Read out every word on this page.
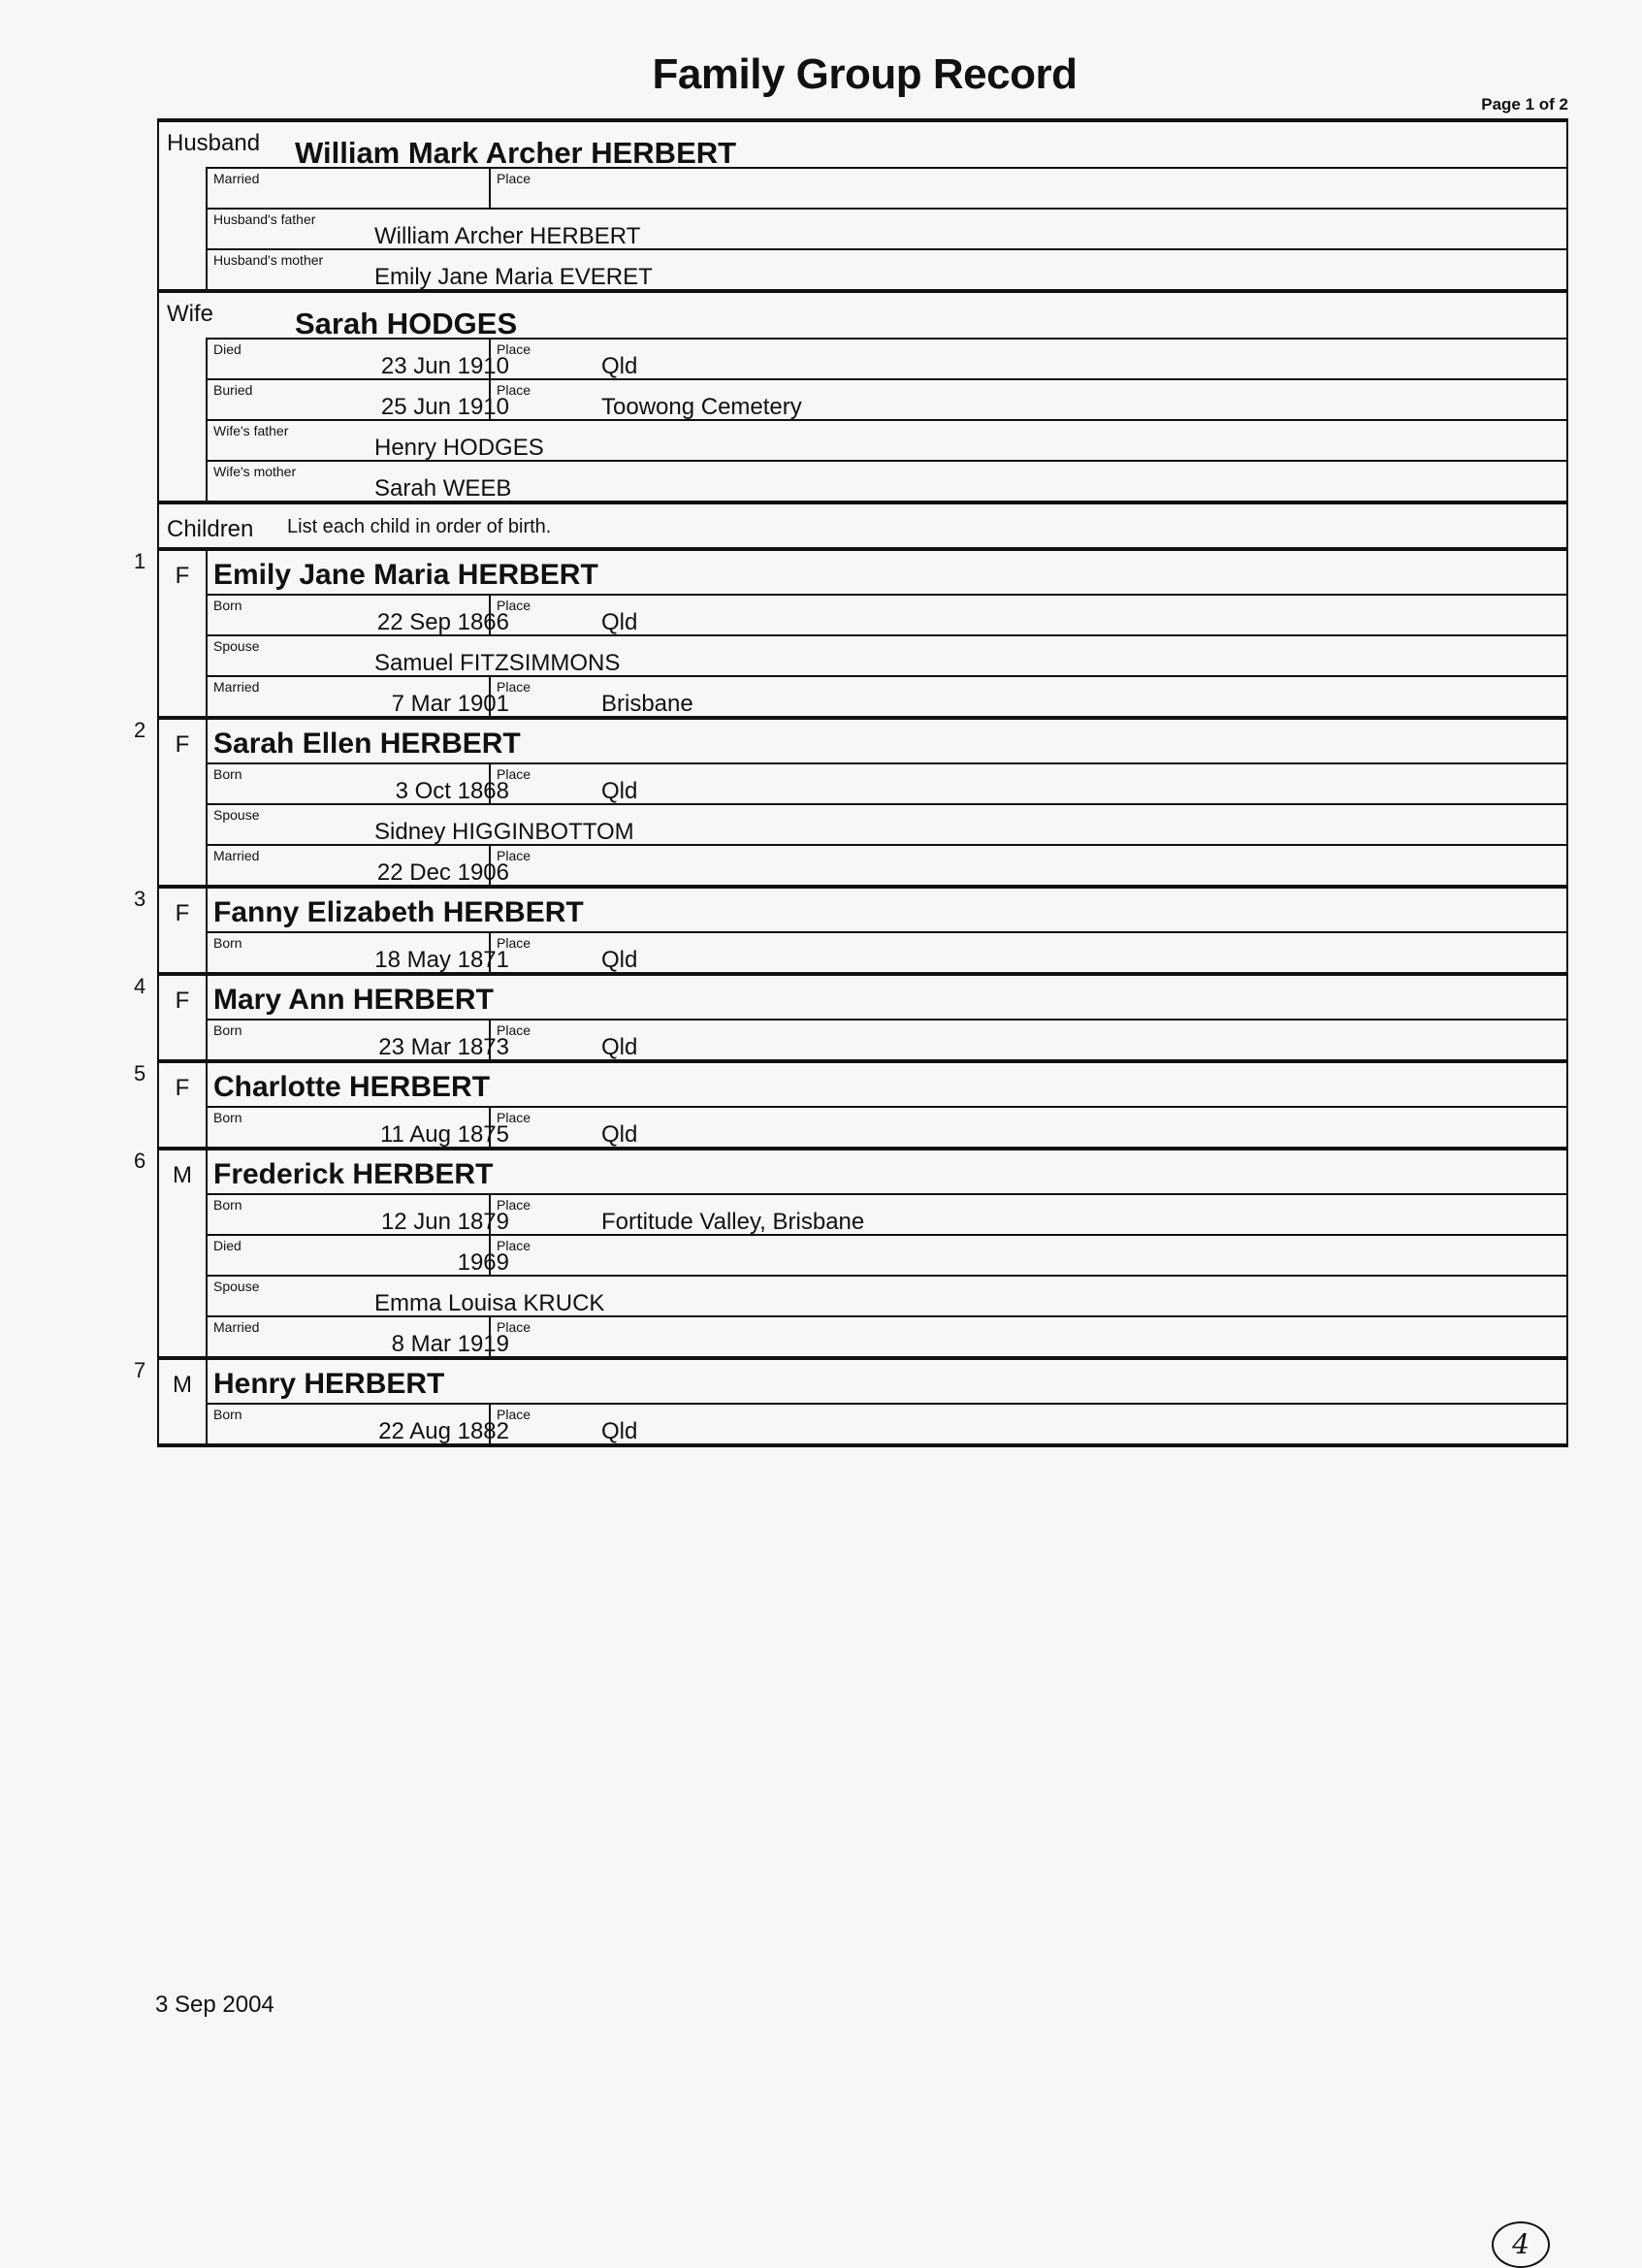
Family Group Record
Page 1 of 2
Husband William Mark Archer HERBERT
Married	Place
Husband's father
William Archer HERBERT
Husband's mother
Emily Jane Maria EVERET
Wife	Sarah HODGES
Died
23 Jun 1910
Place
Qld
Buried
25 Jun 1910
Place
Toowong Cemetery
Wife's father
Henry HODGES
Wife's mother
Sarah WEEB
Children List each child in order of birth.
1
F Emily Jane Maria HERBERT
Born
22 Sep 1866
Place
Qld
Spouse
Samuel FITZSIMMONS
Married
7 Mar 1901
Place
Brisbane
2
F Sarah Ellen HERBERT
Born
3 Oct 1868
Place
Qld
Spouse
Sidney HIGGINBOTTOM
Married
22 Dec 1906
Place
3
F Fanny Elizabeth HERBERT
Born
18 May 1871
Place
Qld
4
F Mary Ann HERBERT
Born
23 Mar 1873
Place
Qld
5
F Charlotte HERBERT
Born
11 Aug 1875
Place
Qld
6
M Frederick HERBERT
Born
12 Jun 1879
Place
Fortitude Valley, Brisbane
Died
1969
Place
Spouse
Emma Louisa KRUCK
Married
8 Mar 1919
Place
7
M Henry HERBERT
Born
22 Aug 1882
Place
Qld
3 Sep 2004
4
